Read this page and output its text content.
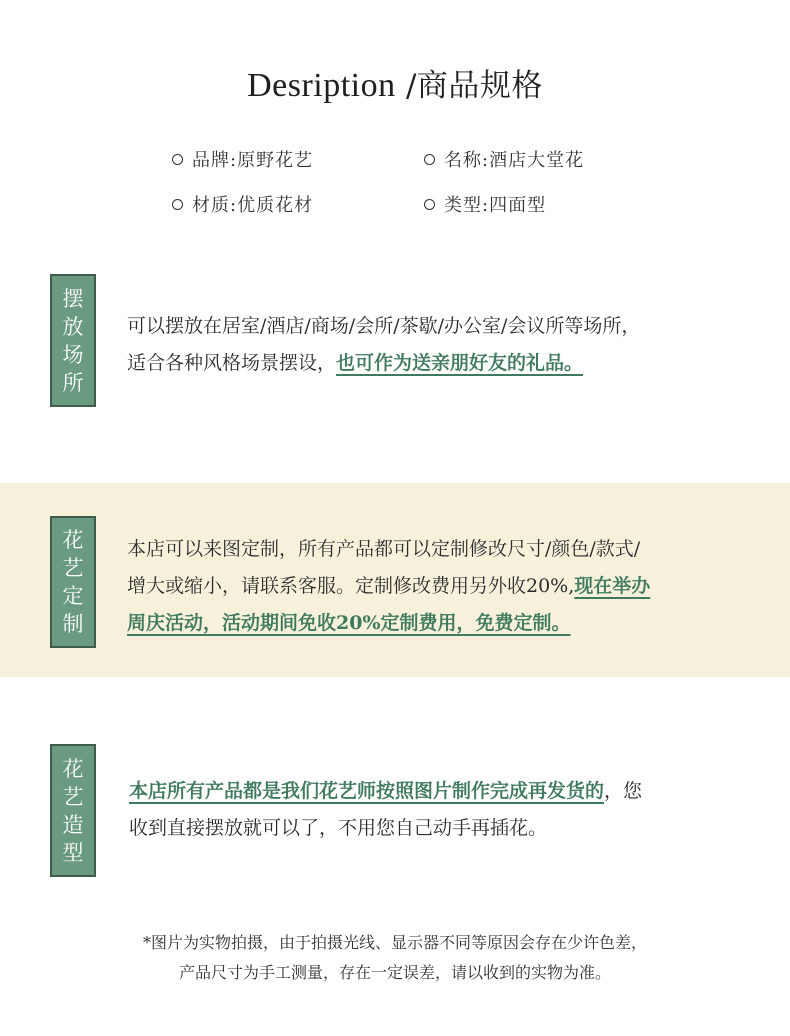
Desription /商品规格
品牌:原野花艺	名称:酒店大堂花
材质:优质花材	类型:四面型
摆
放
场
所
可以摆放在居室/酒店/商场/会所/茶歇/办公室/会议所等场所，
适合各种风格场景摆设，也可作为送亲朋好友的礼品。
花
艺
定
制
本店可以来图定制，所有产品都可以定制修改尺寸/颜色/款式/
增大或缩小，请联系客服。定制修改费用另外收20%,现在举办
周庆活动，活动期间免收20%定制费用，免费定制。
花
艺
造
型
本店所有产品都是我们花艺师按照图片制作完成再发货的，您
收到直接摆放就可以了，不用您自己动手再插花。
*图片为实物拍摄，由于拍摄光线、显示器不同等原因会存在少许色差，
产品尺寸为手工测量，存在一定误差，请以收到的实物为准。
